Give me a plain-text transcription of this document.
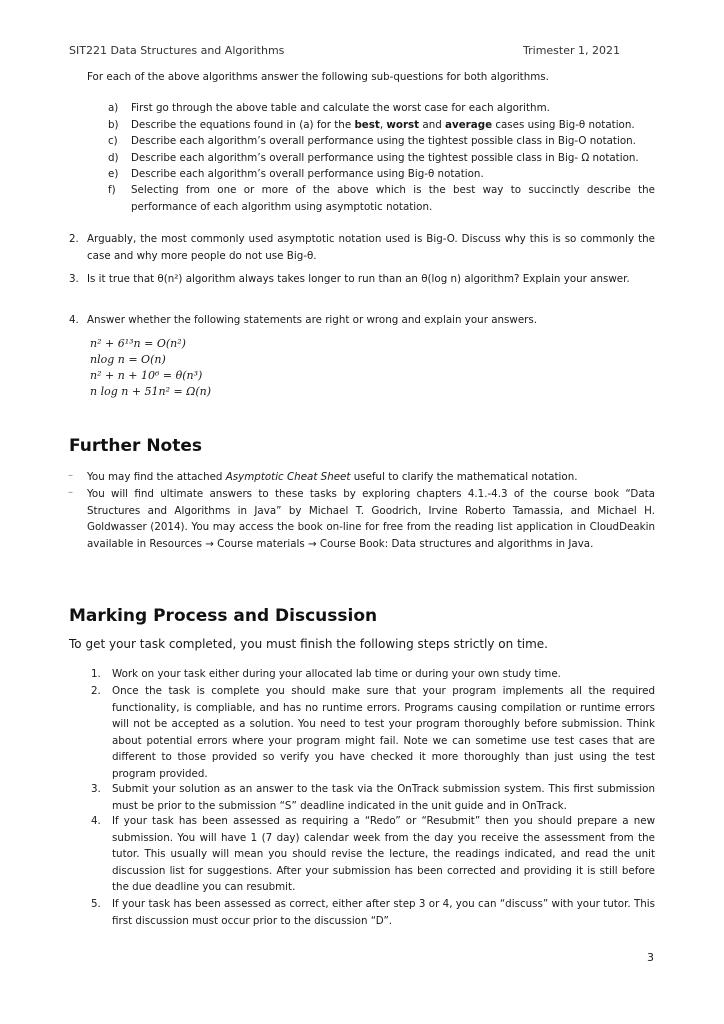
SIT221 Data Structures and Algorithms	Trimester 1, 2021
For each of the above algorithms answer the following sub-questions for both algorithms.
a) First go through the above table and calculate the worst case for each algorithm.
b) Describe the equations found in (a) for the best, worst and average cases using Big-θ notation.
c) Describe each algorithm’s overall performance using the tightest possible class in Big-O notation.
d) Describe each algorithm’s overall performance using the tightest possible class in Big- Ω notation.
e) Describe each algorithm’s overall performance using Big-θ notation.
f) Selecting from one or more of the above which is the best way to succinctly describe the performance of each algorithm using asymptotic notation.
2. Arguably, the most commonly used asymptotic notation used is Big-O. Discuss why this is so commonly the case and why more people do not use Big-θ.
3. Is it true that θ(n²) algorithm always takes longer to run than an θ(log n) algorithm? Explain your answer.
4. Answer whether the following statements are right or wrong and explain your answers.
n² + 6¹³n = O(n²)
nlog n = O(n)
n² + n + 10⁶ = θ(n³)
n log n + 51n² = Ω(n)
Further Notes
– You may find the attached Asymptotic Cheat Sheet useful to clarify the mathematical notation.
– You will find ultimate answers to these tasks by exploring chapters 4.1.-4.3 of the course book “Data Structures and Algorithms in Java” by Michael T. Goodrich, Irvine Roberto Tamassia, and Michael H. Goldwasser (2014). You may access the book on-line for free from the reading list application in CloudDeakin available in Resources → Course materials → Course Book: Data structures and algorithms in Java.
Marking Process and Discussion
To get your task completed, you must finish the following steps strictly on time.
1. Work on your task either during your allocated lab time or during your own study time.
2. Once the task is complete you should make sure that your program implements all the required functionality, is compliable, and has no runtime errors. Programs causing compilation or runtime errors will not be accepted as a solution. You need to test your program thoroughly before submission. Think about potential errors where your program might fail. Note we can sometime use test cases that are different to those provided so verify you have checked it more thoroughly than just using the test program provided.
3. Submit your solution as an answer to the task via the OnTrack submission system. This first submission must be prior to the submission “S” deadline indicated in the unit guide and in OnTrack.
4. If your task has been assessed as requiring a “Redo” or “Resubmit” then you should prepare a new submission. You will have 1 (7 day) calendar week from the day you receive the assessment from the tutor. This usually will mean you should revise the lecture, the readings indicated, and read the unit discussion list for suggestions. After your submission has been corrected and providing it is still before the due deadline you can resubmit.
5. If your task has been assessed as correct, either after step 3 or 4, you can “discuss” with your tutor. This first discussion must occur prior to the discussion “D”.
3
